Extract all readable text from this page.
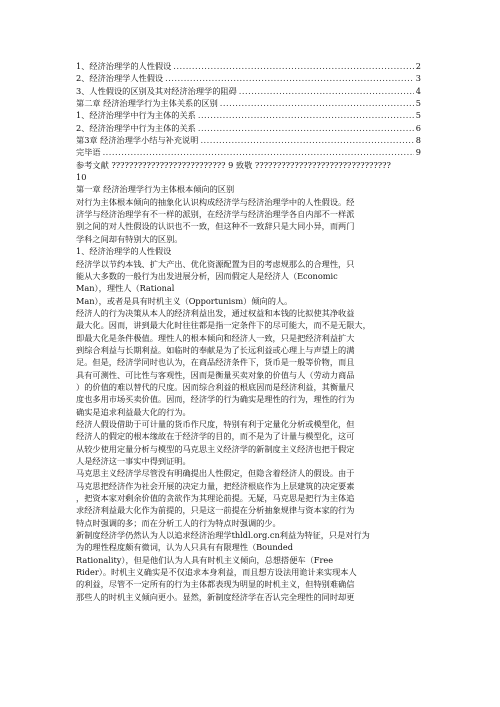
1、经济治理学的人性假设 .....	2
2、经济治理学人性假设 .....	3
3、人性假设的区别及其对经济治理学的阻碍 .....	4
第二章 经济治理学行为主体关系的区别 .....	5
1、经济治理学中行为主体的关系 .....	5
2、经济治理学中行为主体的关系 .....	6
第3章 经济治理学小结与补充说明 .....	8
完毕语 .....	9
参考文献 ?????????????????????????? 9 致敬 ???????????????????????????????
10
第一章 经济治理学行为主体根本倾向的区别
对行为主体根本倾向的抽象化认识构成经济学与经济治理学中的人性假设。经
济学与经济治理学有不一样的派别，在经济学与经济治理学各自内部不一样派
别之间的对人性假设的认识也不一致，但这种不一致辞只是大同小异，而两门
学科之间却有特别大的区别。
1、经济治理学的人性假设
经济学以节约本钱、扩大产出、优化资源配置为目的考虑规那么的合理性，只
能从大多数的一般行为出发进展分析，因而假定人是经济人（Economic
Man），理性人（Rational
Man），或者是具有时机主义（Opportunism）倾向的人。
经济人的行为决策从本人的经济利益出发，通过权益和本钱的比拟使其净收益
最大化。因而，讲到最大化时往往都是指一定条件下的尽可能大，而不是无限大，
即最大化是条件极值。理性人的根本倾向和经济人一致，只是把经济利益扩大
到综合利益与长期利益。如临时的奉献是为了长远利益或心理上与声望上的满
足。但是，经济学同时也认为，在商品经济条件下，货币是一般等价物，而且
具有可测性、可比性与客观性，因而是衡量买卖对象的价值与人（劳动力商品
）的价值的难以替代的尺度。因而综合利益的根底因而是经济利益，其衡量尺
度也多用市场买卖价值。因而，经济学的行为确实是理性的行为，理性的行为
确实是追求利益最大化的行为。
经济人假设借助于可计量的货币作尺度，特别有利于定量化分析或模型化，但
经济人的假定的根本缘故在于经济学的目的，而不是为了计量与模型化，这可
从较少使用定量分析与模型的马克思主义经济学的新制度主义经济也把于假定
人是经济这一事实中得到证明。
马克思主义经济学尽管没有明确提出人性假定，但隐含着经济人的假设。由于
马克思把经济作为社会开展的决定力量，把经济根底作为上层建筑的决定要素
，把资本家对剩余价值的贪欲作为其理论前提。无疑，马克思是把行为主体追
求经济利益最大化作为前提的，只是这一前提在分析抽象规律与资本家的行为
特点时强调的多；而在分析工人的行为特点时强调的少。
新制度经济学仍然认为人以追求经济治理学thldl.org.cn利益为特征，只是对行为
为的理性程度颇有微词，认为人只具有有限理性（Bounded
Rationality），但是他们认为人具有时机主义倾向，总想搭便车（Free
Rider）。时机主义确实是不仅追求本身利益，而且想方设法用诡计来实现本人
的利益，尽管不一定所有的行为主体都表现为明显的时机主义，但特别难确信
那些人的时机主义倾向更小。显然，新制度经济学在否认完全理性的同时却更
